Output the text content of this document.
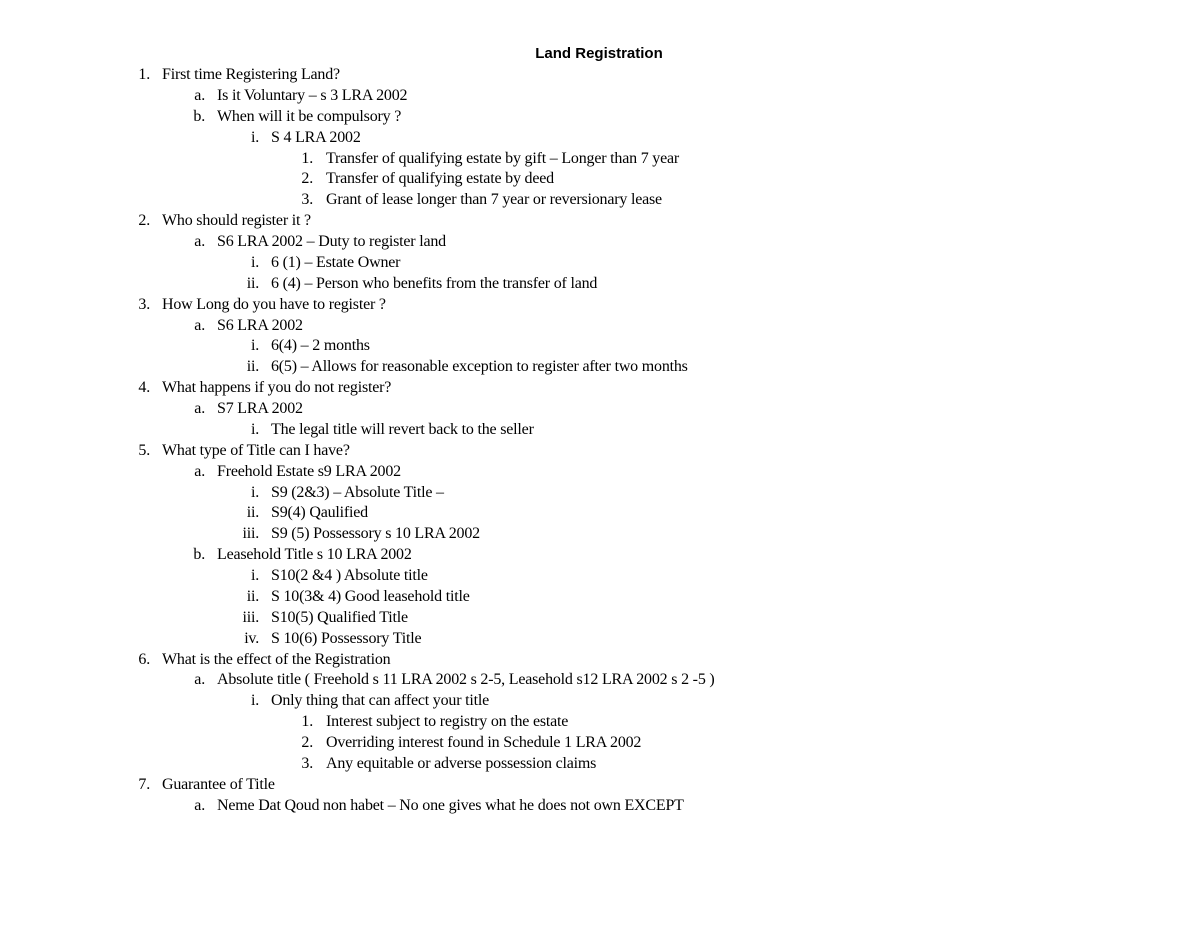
Land Registration
1. First time Registering Land?
a. Is it Voluntary – s 3 LRA 2002
b. When will it be compulsory ?
i. S 4 LRA 2002
1. Transfer of qualifying estate by gift – Longer than 7 year
2. Transfer of qualifying estate by deed
3. Grant of lease longer than 7 year or reversionary lease
2. Who should register it ?
a. S6 LRA 2002 – Duty to register land
i. 6 (1) – Estate Owner
ii. 6 (4) – Person who benefits from the transfer of land
3. How Long do you have to register ?
a. S6 LRA 2002
i. 6(4) – 2 months
ii. 6(5) – Allows for reasonable exception to register after two months
4. What happens if you do not register?
a. S7 LRA 2002
i. The legal title will revert back to the seller
5. What type of Title can I have?
a. Freehold Estate s9 LRA 2002
i. S9 (2&3) – Absolute Title –
ii. S9(4) Qaulified
iii. S9 (5) Possessory s 10 LRA 2002
b. Leasehold Title s 10 LRA 2002
i. S10(2 &4 ) Absolute title
ii. S 10(3& 4) Good leasehold title
iii. S10(5) Qualified Title
iv. S 10(6) Possessory Title
6. What is the effect of the Registration
a. Absolute title ( Freehold s 11 LRA 2002 s 2-5, Leasehold s12 LRA 2002 s 2 -5 )
i. Only thing that can affect your title
1. Interest subject to registry on the estate
2. Overriding interest found in Schedule 1 LRA 2002
3. Any equitable or adverse possession claims
7. Guarantee of Title
a. Neme Dat Qoud non habet – No one gives what he does not own EXCEPT
